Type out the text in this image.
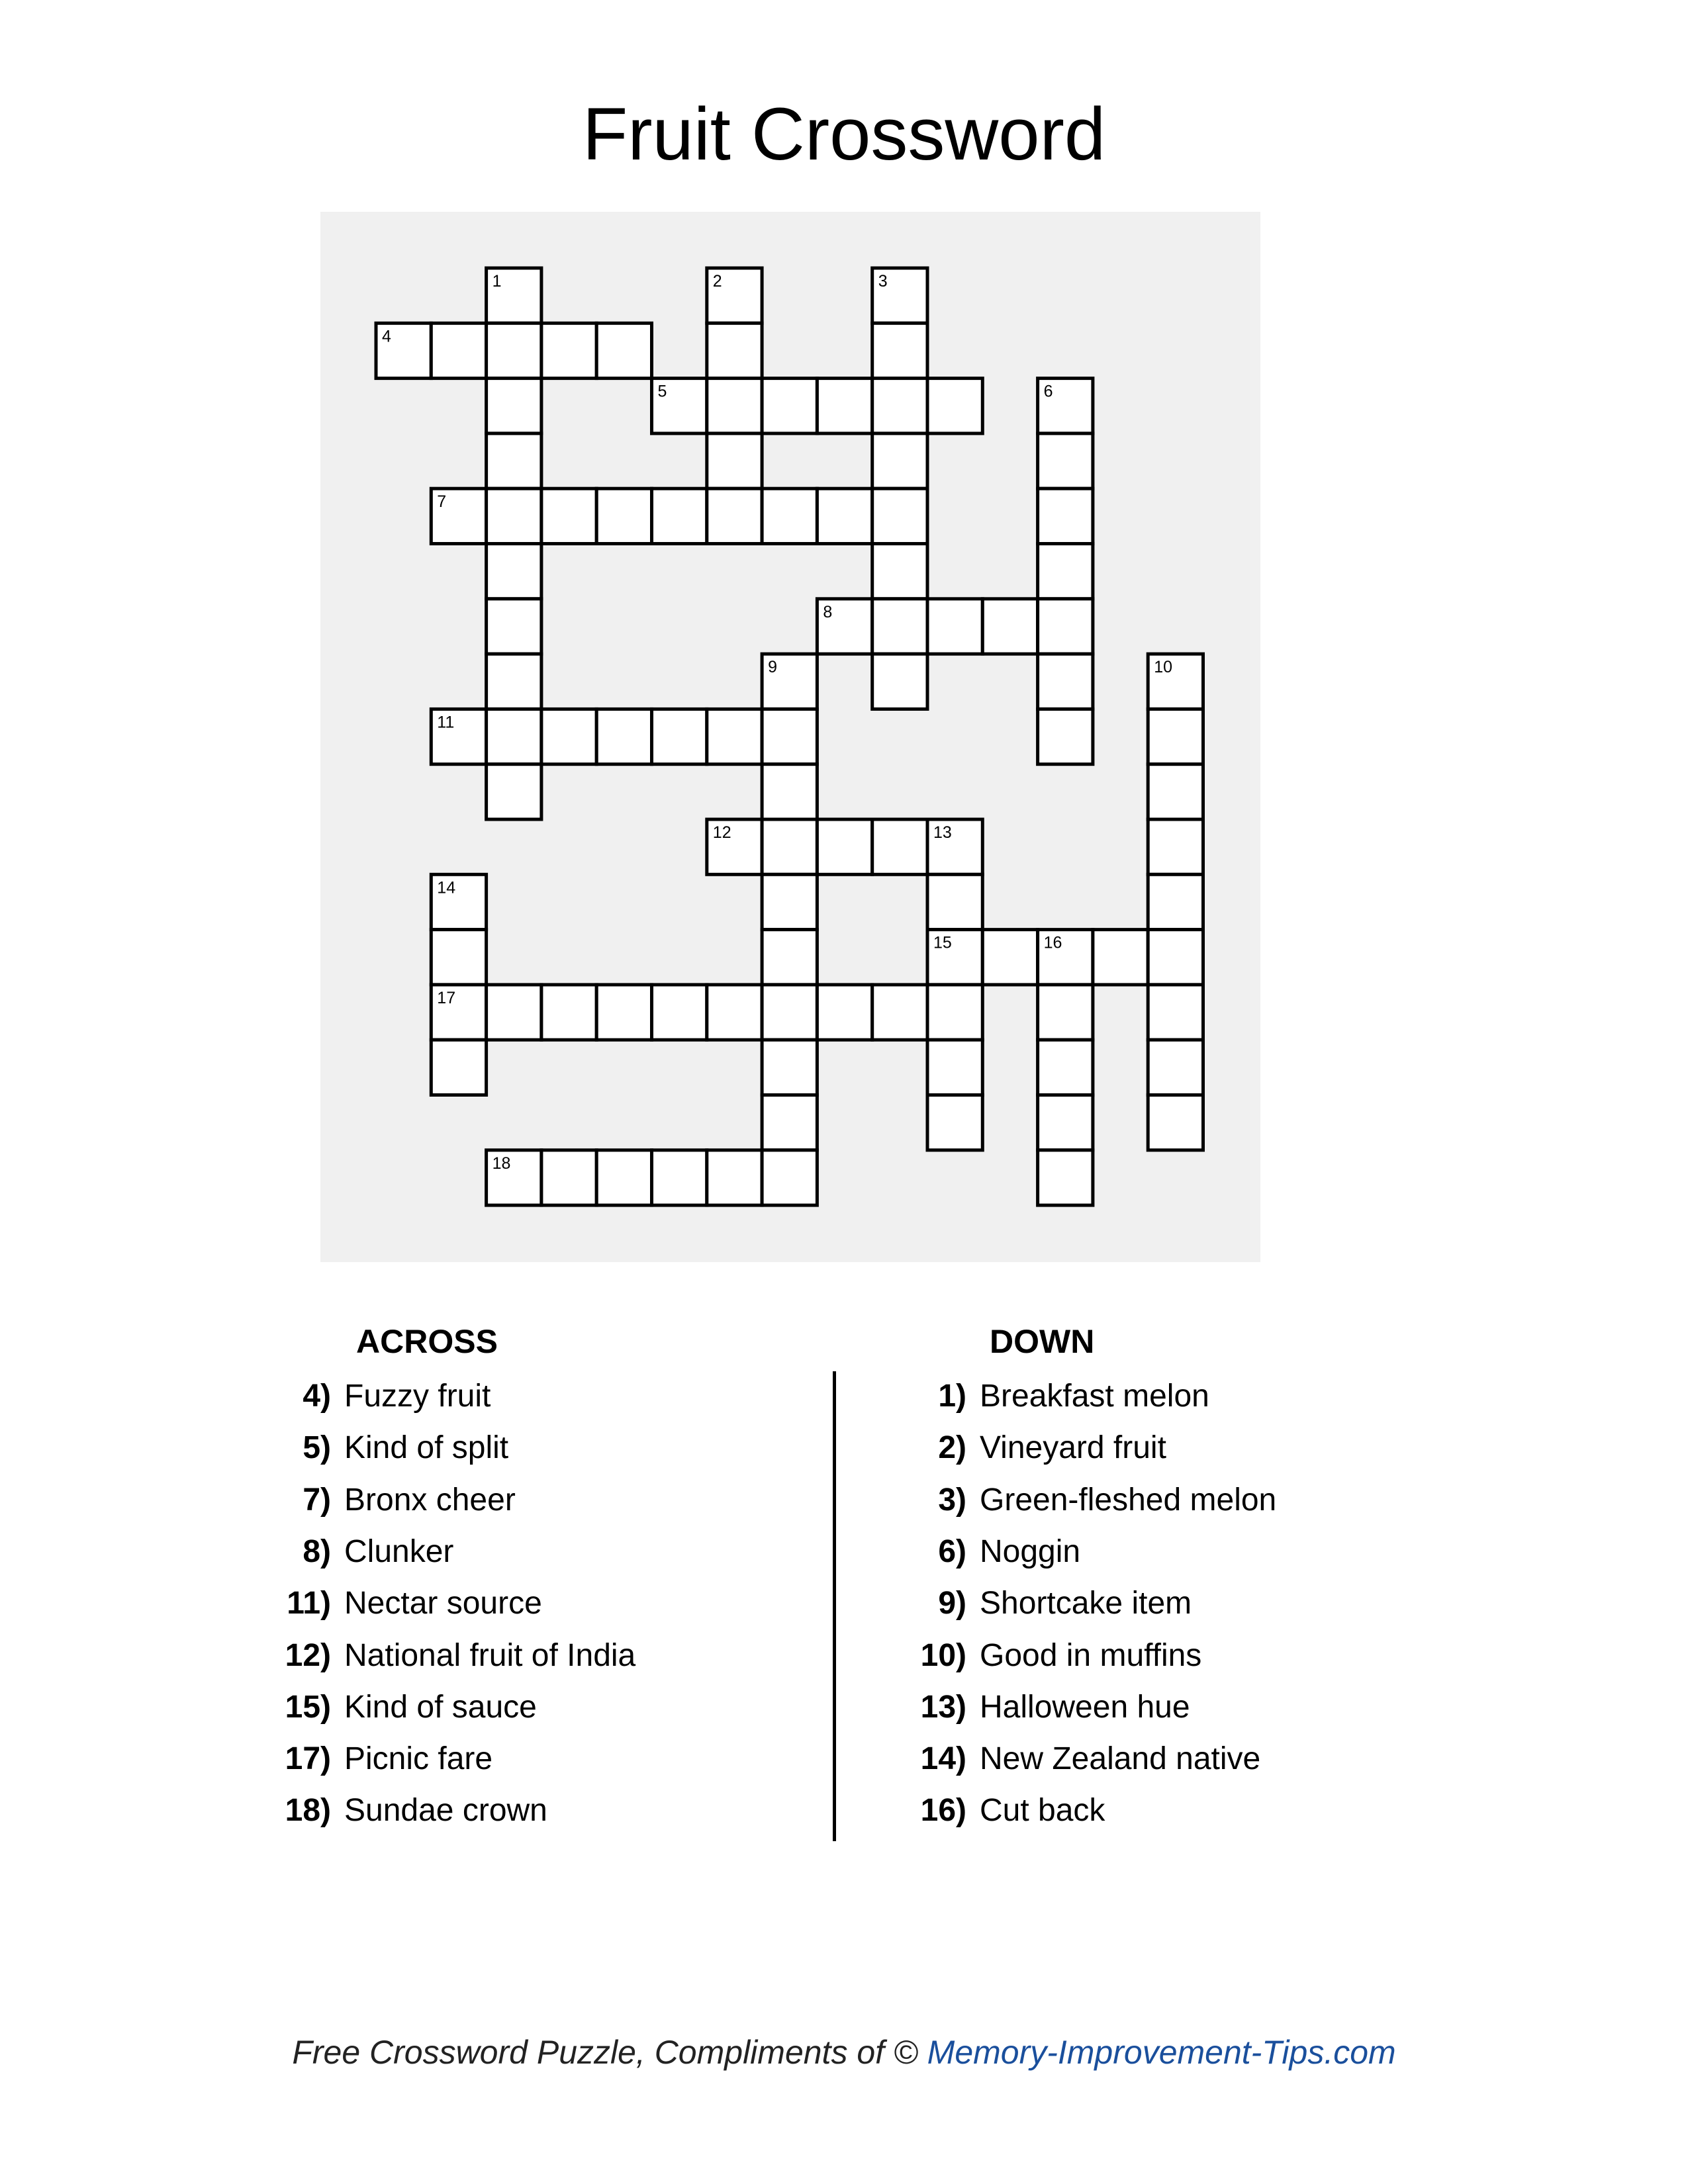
Fruit Crossword
1	2	3
4
5	6
7
8
9	10
11
12	13
14
15	16
17
18
ACROSS
4) Fuzzy fruit
5) Kind of split
7) Bronx cheer
8) Clunker
11) Nectar source
12) National fruit of India
15) Kind of sauce
17) Picnic fare
18) Sundae crown
DOWN
1) Breakfast melon
2) Vineyard fruit
3) Green-fleshed melon
6) Noggin
9) Shortcake item
10) Good in muffins
13) Halloween hue
14) New Zealand native
16) Cut back
Free Crossword Puzzle, Compliments of © Memory-Improvement-Tips.com
